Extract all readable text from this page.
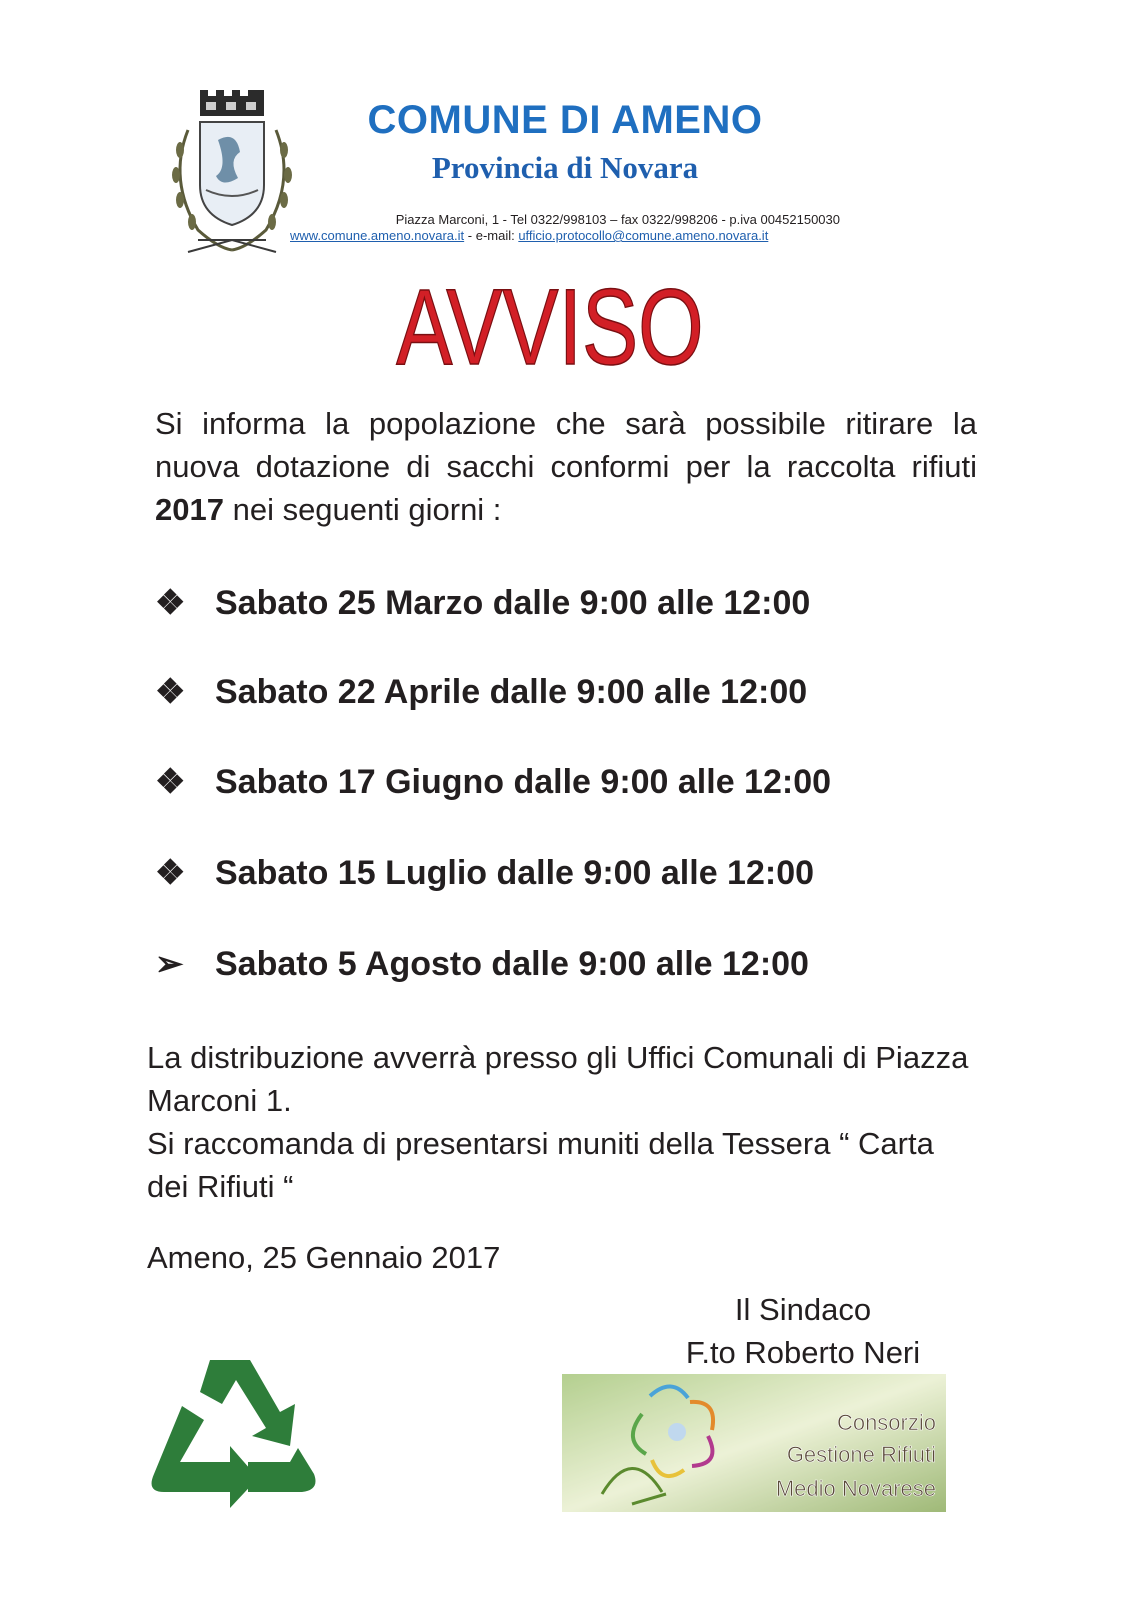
COMUNE DI AMENO
Provincia di Novara
Piazza Marconi, 1 - Tel 0322/998103 – fax 0322/998206 - p.iva 00452150030
www.comune.ameno.novara.it - e-mail: ufficio.protocollo@comune.ameno.novara.it
AVVISO
Si informa la popolazione che sarà possibile ritirare la nuova dotazione di sacchi conformi per la raccolta rifiuti 2017 nei seguenti giorni :
❖ Sabato 25 Marzo dalle 9:00 alle 12:00
❖ Sabato 22 Aprile dalle 9:00 alle 12:00
❖ Sabato 17 Giugno dalle 9:00 alle 12:00
❖ Sabato 15 Luglio dalle 9:00 alle 12:00
➢ Sabato 5 Agosto dalle 9:00 alle 12:00

La distribuzione avverrà presso gli Uffici Comunali di Piazza Marconi 1.

Si raccomanda di presentarsi muniti della Tessera “ Carta dei Rifiuti “

Ameno, 25 Gennaio 2017
Il Sindaco
F.to Roberto Neri
Consorzio
Gestione Rifiuti
Medio Novarese
